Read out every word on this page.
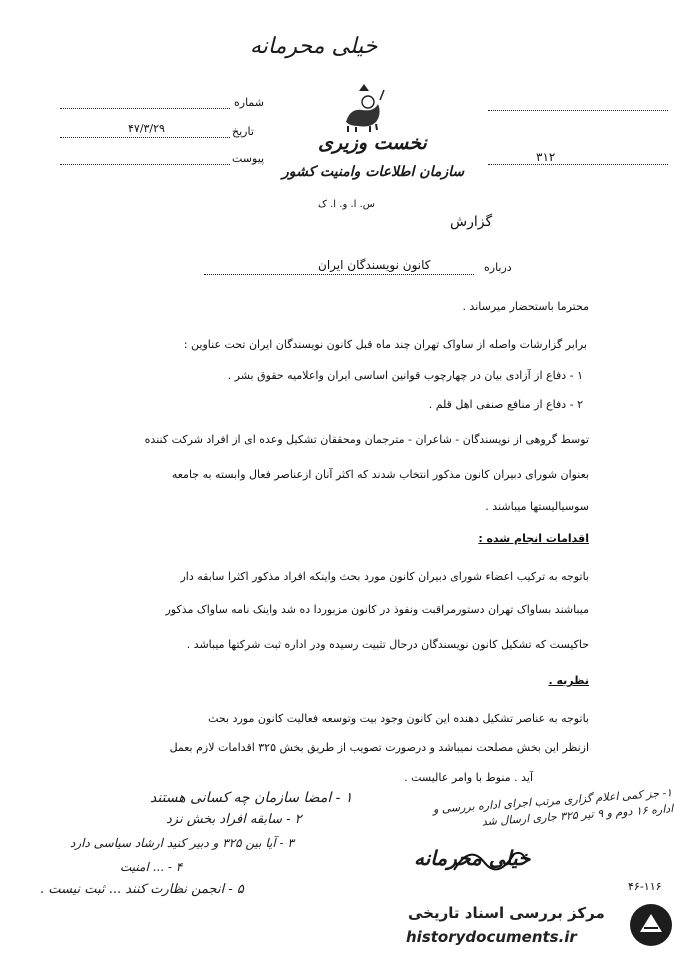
خیلی محرمانه
شماره
تاریخ
۴۷/۳/۲۹
پیوست
نخست وزیری
سازمان اطلاعات وامنیت کشور
س. ا. و. ا. ک
۳۱۲
گزارش
درباره
کانون نویسندگان ایران
محترما باستحضار میرساند .
برابر گزارشات واصله از ساواک تهران چند ماه قبل کانون نویسندگان ایران تحت عناوین :
۱ - دفاع از آزادی بیان در چهارچوب قوانین اساسی ایران واعلامیه حقوق بشر .
۲ - دفاع از منافع صنفی اهل قلم .
توسط گروهی از نویسندگان - شاعران - مترجمان ومحققان تشکیل وعده ای از افراد شرکت کننده
بعنوان شورای دبیران کانون مذکور انتخاب شدند که اکثر آنان ازعناصر فعال وابسته به جامعه
سوسیالیستها میباشند .
اقدامات انجام شده :
باتوجه به ترکیب اعضاء شورای دبیران کانون مورد بحث واینکه افراد مذکور اکثرا سابقه دار
میباشند بساواک تهران دستورمراقبت ونفوذ در کانون مزبوردا ده شد واینک نامه ساواک مذکور
حاکیست که تشکیل کانون نویسندگان درحال تثبیت رسیده ودر اداره ثبت شرکتها میباشد .
نظریه .
باتوجه به عناصر تشکیل دهنده این کانون وجود بیت وتوسعه فعالیت کانون مورد بحث
ازنظر این بخش مصلحت نمیباشد و درصورت تصویب از طریق بخش ۳۲۵ اقدامات لازم بعمل
آید . منوط با وامر عالیست .
۱ - امضا سازمان چه کسانی هستند
۲ - سابقه افراد بخش نزد
۳ - آیا بین ۳۲۵ و دبیر کنید ارشاد سیاسی دارد
۴ - ... امنیت
۵ - انجمن نظارت کنند ... ثبت نیست .
۱- جز کمی اعلام گزاری مرتب اجرای اداره بررسی و اداره ۱۶ دوم و ۹ تیر ۳۲۵ جاری ارسال شد
خیلی محرمانه
۴۶-۱۱۶
مرکز بررسی اسناد تاریخی
historydocuments.ir
